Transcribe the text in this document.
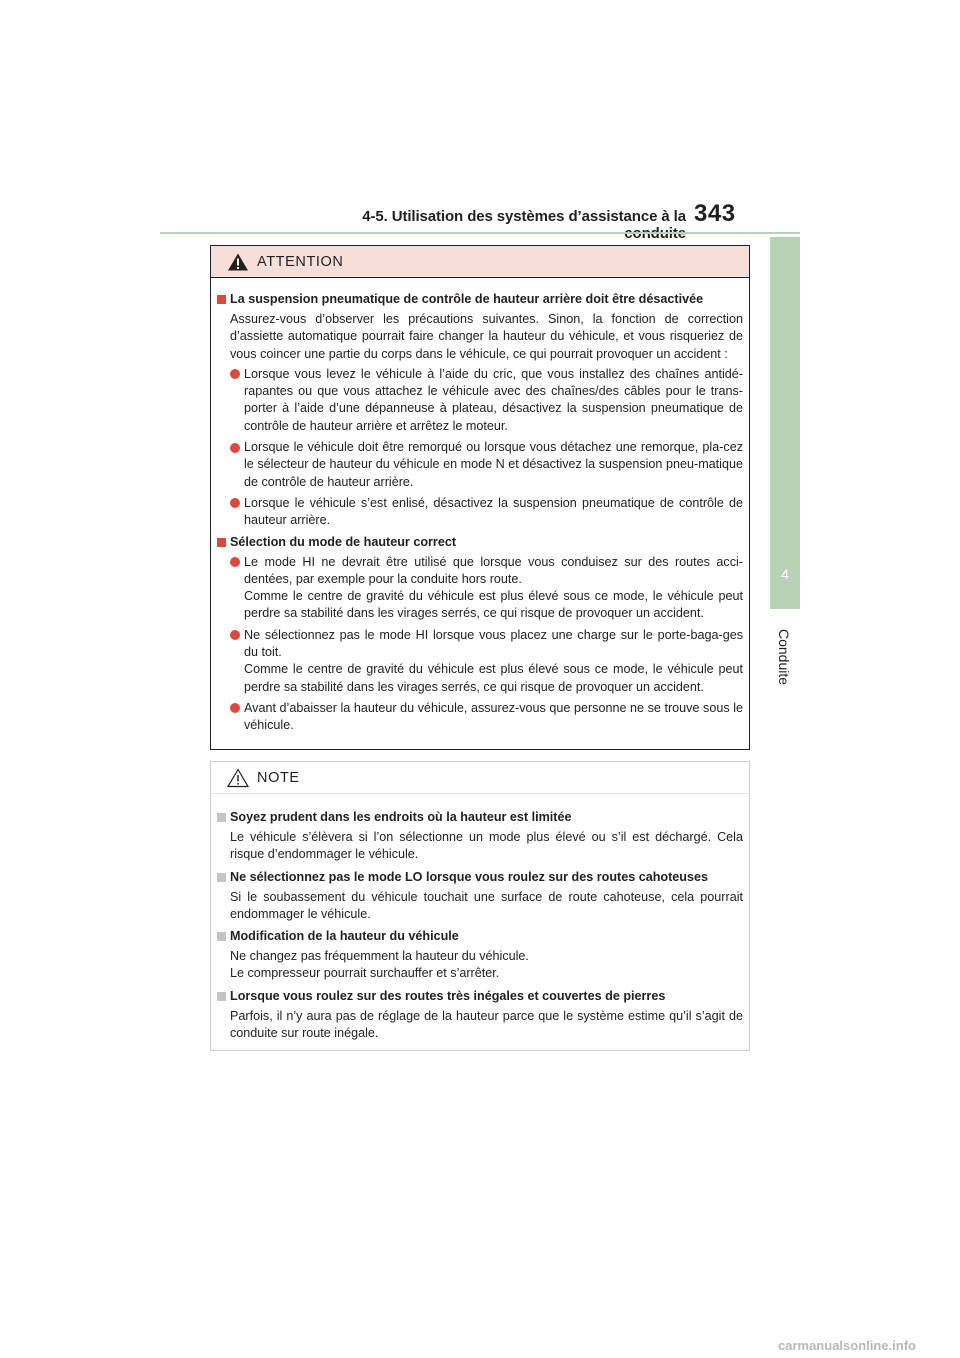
4-5. Utilisation des systèmes d’assistance à la 343
4
Conduite
ATTENTION
La suspension pneumatique de contrôle de hauteur arrière doit être désactivée
Assurez-vous d’observer les précautions suivantes. Sinon, la fonction de correction d’assiette automatique pourrait faire changer la hauteur du véhicule, et vous risqueriez de vous coincer une partie du corps dans le véhicule, ce qui pourrait provoquer un accident :
Lorsque vous levez le véhicule à l’aide du cric, que vous installez des chaînes antidé-rapantes ou que vous attachez le véhicule avec des chaînes/des câbles pour le trans-porter à l’aide d’une dépanneuse à plateau, désactivez la suspension pneumatique de contrôle de hauteur arrière et arrêtez le moteur.
Lorsque le véhicule doit être remorqué ou lorsque vous détachez une remorque, pla-cez le sélecteur de hauteur du véhicule en mode N et désactivez la suspension pneu-matique de contrôle de hauteur arrière.
Lorsque le véhicule s’est enlisé, désactivez la suspension pneumatique de contrôle de hauteur arrière.
Sélection du mode de hauteur correct
Le mode HI ne devrait être utilisé que lorsque vous conduisez sur des routes acci-dentées, par exemple pour la conduite hors route.
Comme le centre de gravité du véhicule est plus élevé sous ce mode, le véhicule peut perdre sa stabilité dans les virages serrés, ce qui risque de provoquer un accident.
Ne sélectionnez pas le mode HI lorsque vous placez une charge sur le porte-baga-ges du toit.
Comme le centre de gravité du véhicule est plus élevé sous ce mode, le véhicule peut perdre sa stabilité dans les virages serrés, ce qui risque de provoquer un accident.
Avant d’abaisser la hauteur du véhicule, assurez-vous que personne ne se trouve sous le véhicule.
NOTE
Soyez prudent dans les endroits où la hauteur est limitée
Le véhicule s’élèvera si l’on sélectionne un mode plus élevé ou s’il est déchargé. Cela risque d’endommager le véhicule.
Ne sélectionnez pas le mode LO lorsque vous roulez sur des routes cahoteuses
Si le soubassement du véhicule touchait une surface de route cahoteuse, cela pourrait endommager le véhicule.
Modification de la hauteur du véhicule
Ne changez pas fréquemment la hauteur du véhicule.
Le compresseur pourrait surchauffer et s’arrêter.
Lorsque vous roulez sur des routes très inégales et couvertes de pierres
Parfois, il n’y aura pas de réglage de la hauteur parce que le système estime qu’il s’agit de conduite sur route inégale.
carmanualsonline.info
